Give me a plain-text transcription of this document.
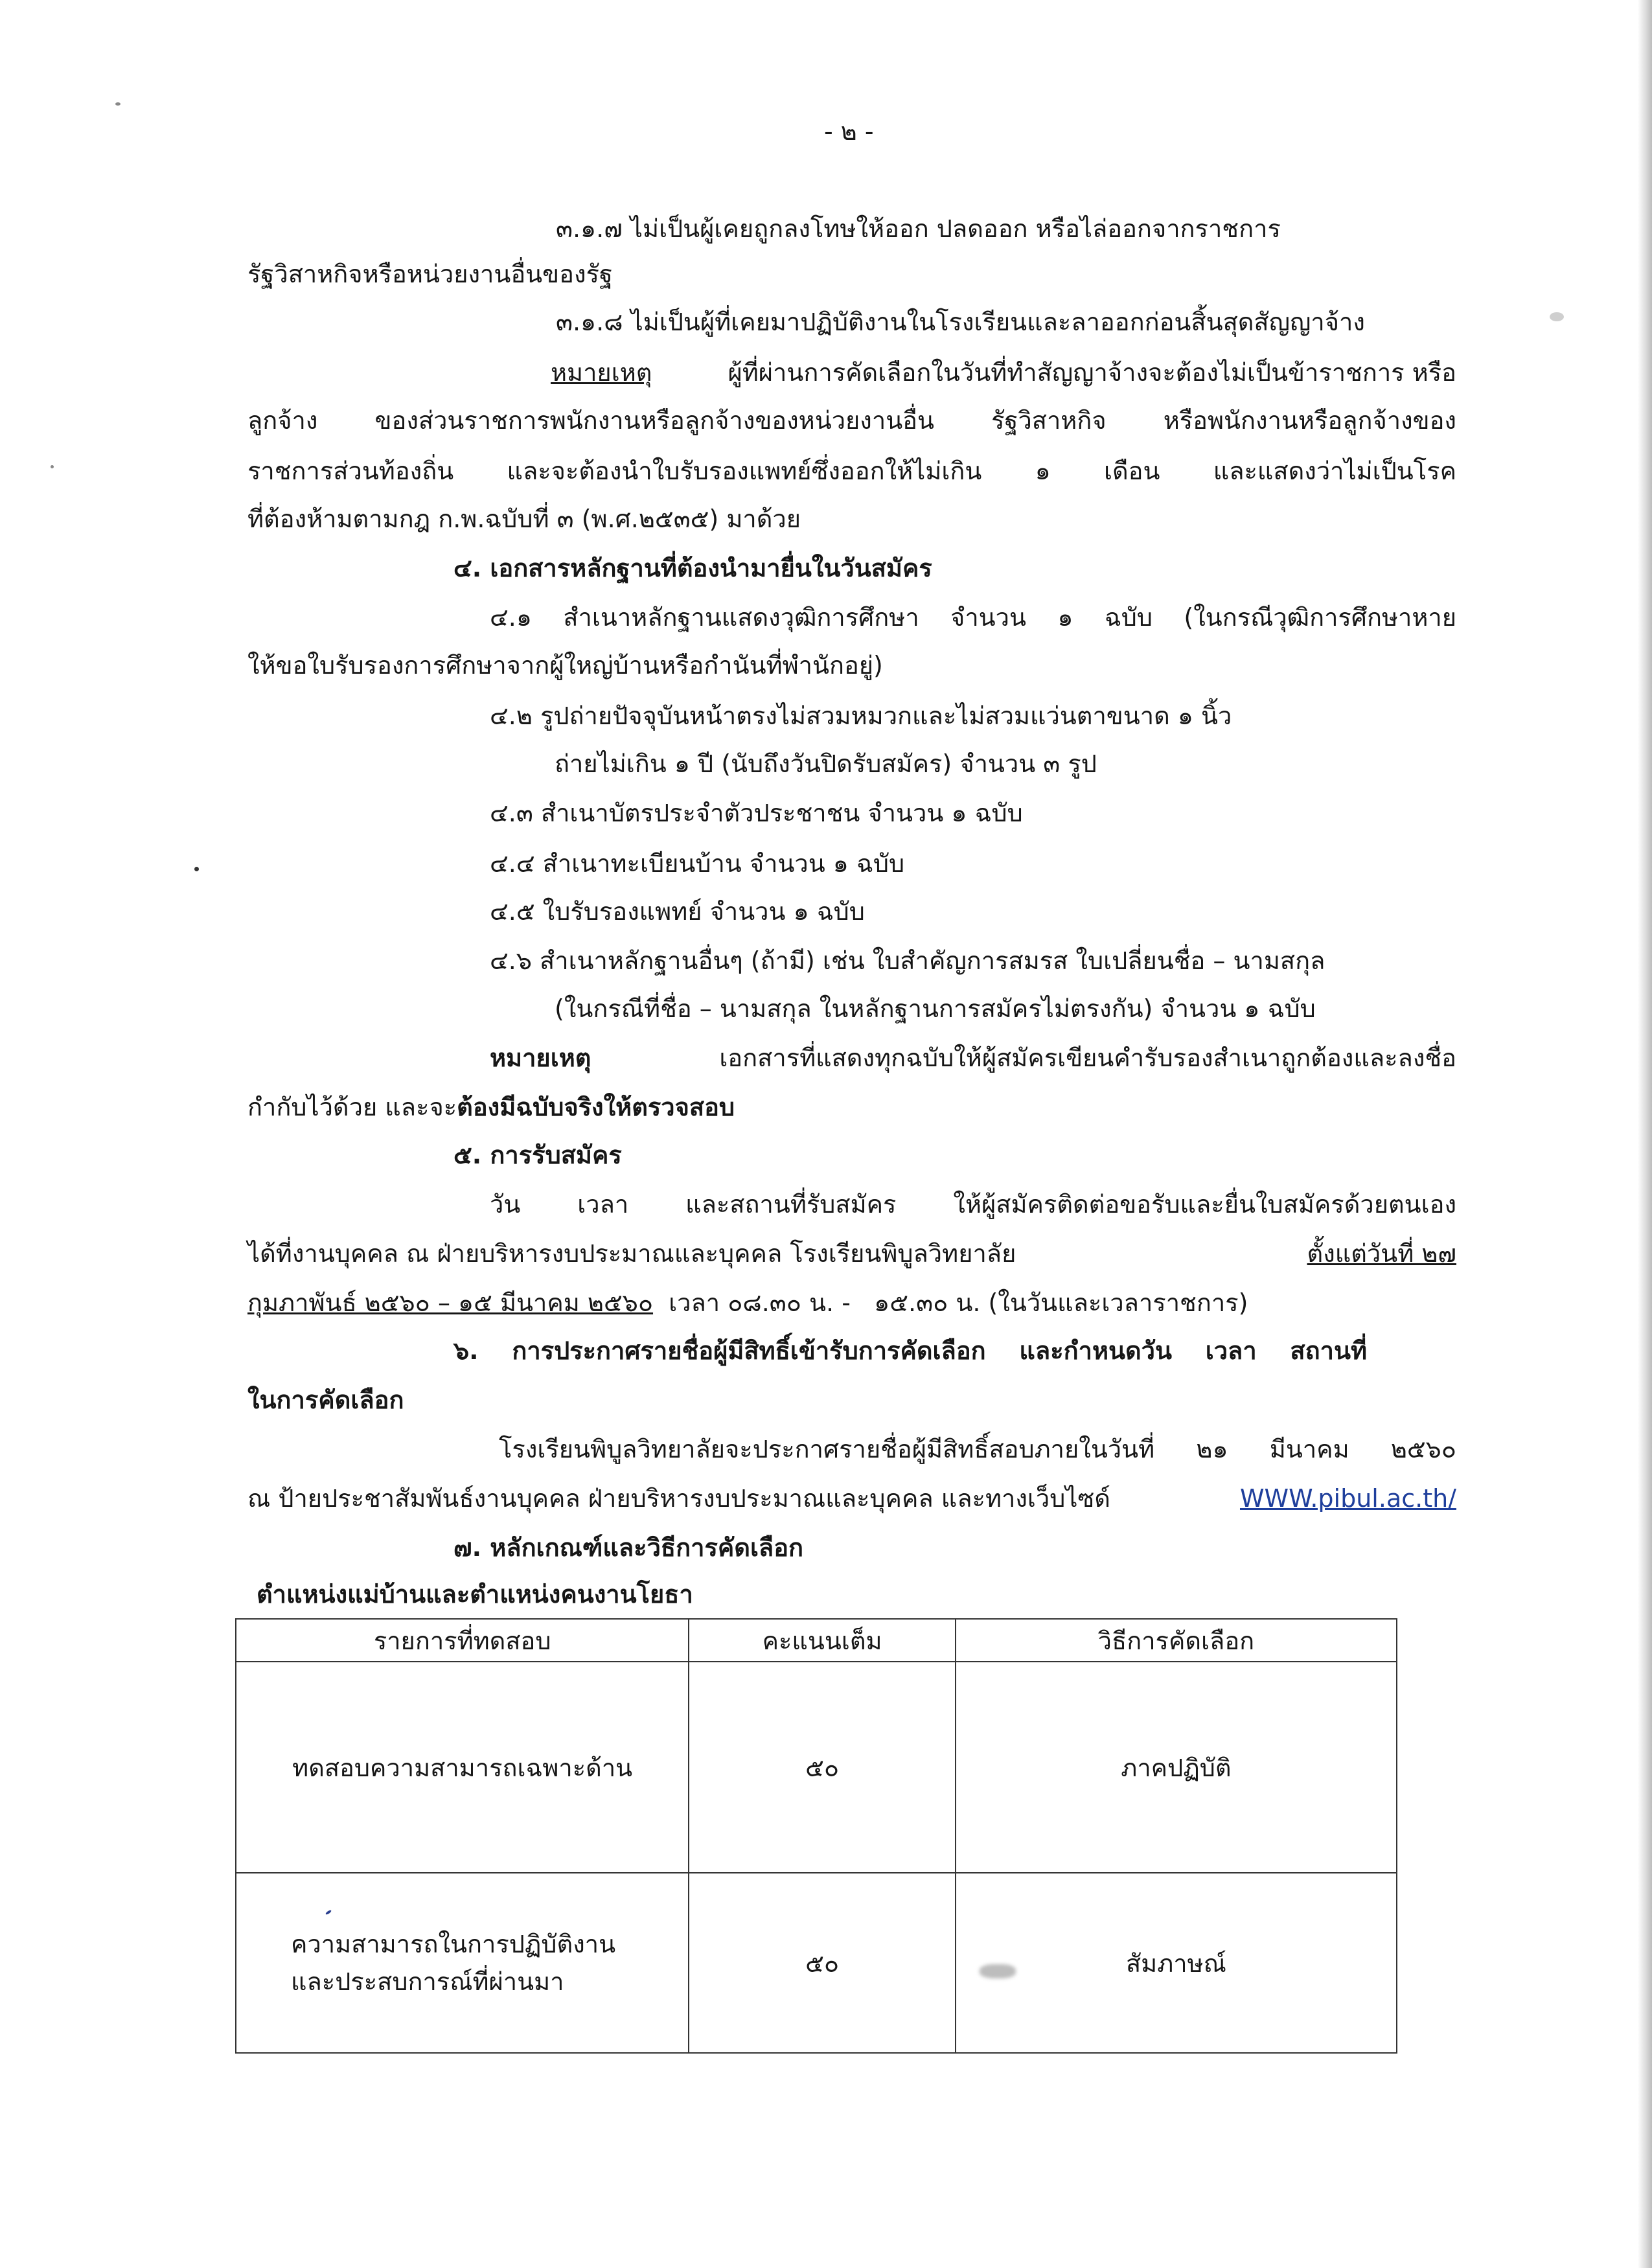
- ๒ -
๓.๑.๗ ไม่เป็นผู้เคยถูกลงโทษให้ออก ปลดออก หรือไล่ออกจากราชการ
รัฐวิสาหกิจหรือหน่วยงานอื่นของรัฐ
๓.๑.๘ ไม่เป็นผู้ที่เคยมาปฏิบัติงานในโรงเรียนและลาออกก่อนสิ้นสุดสัญญาจ้าง
หมายเหตุ	ผู้ที่ผ่านการคัดเลือกในวันที่ทำสัญญาจ้างจะต้องไม่เป็นข้าราชการ หรือ
ลูกจ้าง ของส่วนราชการพนักงานหรือลูกจ้างของหน่วยงานอื่น รัฐวิสาหกิจ หรือพนักงานหรือลูกจ้างของ
ราชการส่วนท้องถิ่น และจะต้องนำใบรับรองแพทย์ซึ่งออกให้ไม่เกิน ๑ เดือน และแสดงว่าไม่เป็นโรค
ที่ต้องห้ามตามกฎ ก.พ.ฉบับที่ ๓ (พ.ศ.๒๕๓๕) มาด้วย
๔. เอกสารหลักฐานที่ต้องนำมายื่นในวันสมัคร
๔.๑ สำเนาหลักฐานแสดงวุฒิการศึกษา จำนวน ๑ ฉบับ (ในกรณีวุฒิการศึกษาหาย
ให้ขอใบรับรองการศึกษาจากผู้ใหญ่บ้านหรือกำนันที่พำนักอยู่)
๔.๒ รูปถ่ายปัจจุบันหน้าตรงไม่สวมหมวกและไม่สวมแว่นตาขนาด ๑ นิ้ว
ถ่ายไม่เกิน ๑ ปี (นับถึงวันปิดรับสมัคร) จำนวน ๓ รูป
๔.๓ สำเนาบัตรประจำตัวประชาชน จำนวน ๑ ฉบับ
๔.๔ สำเนาทะเบียนบ้าน จำนวน ๑ ฉบับ
๔.๕ ใบรับรองแพทย์ จำนวน ๑ ฉบับ
๔.๖ สำเนาหลักฐานอื่นๆ (ถ้ามี) เช่น ใบสำคัญการสมรส ใบเปลี่ยนชื่อ – นามสกุล
(ในกรณีที่ชื่อ – นามสกุล ในหลักฐานการสมัครไม่ตรงกัน) จำนวน ๑ ฉบับ
หมายเหตุ	เอกสารที่แสดงทุกฉบับให้ผู้สมัครเขียนคำรับรองสำเนาถูกต้องและลงชื่อ
กำกับไว้ด้วย และจะต้องมีฉบับจริงให้ตรวจสอบ
๕. การรับสมัคร
วัน เวลา และสถานที่รับสมัคร ให้ผู้สมัครติดต่อขอรับและยื่นใบสมัครด้วยตนเอง
ได้ที่งานบุคคล ณ ฝ่ายบริหารงบประมาณและบุคคล โรงเรียนพิบูลวิทยาลัย	ตั้งแต่วันที่ ๒๗
กุมภาพันธ์ ๒๕๖๐ – ๑๕ มีนาคม ๒๕๖๐  เวลา ๐๘.๓๐ น. -   ๑๕.๓๐ น. (ในวันและเวลาราชการ)
๖. การประกาศรายชื่อผู้มีสิทธิ์เข้ารับการคัดเลือก และกำหนดวัน เวลา สถานที่
ในการคัดเลือก
โรงเรียนพิบูลวิทยาลัยจะประกาศรายชื่อผู้มีสิทธิ์สอบภายในวันที่ ๒๑ มีนาคม ๒๕๖๐
ณ ป้ายประชาสัมพันธ์งานบุคคล ฝ่ายบริหารงบประมาณและบุคคล และทางเว็บไซด์	WWW.pibul.ac.th/
๗. หลักเกณฑ์และวิธีการคัดเลือก
ตำแหน่งแม่บ้านและตำแหน่งคนงานโยธา
รายการที่ทดสอบ	คะแนนเต็ม	วิธีการคัดเลือก
ทดสอบความสามารถเฉพาะด้าน	๕๐	ภาคปฏิบัติ

ความสามารถในการปฏิบัติงาน
และประสบการณ์ที่ผ่านมา	๕๐	สัมภาษณ์
